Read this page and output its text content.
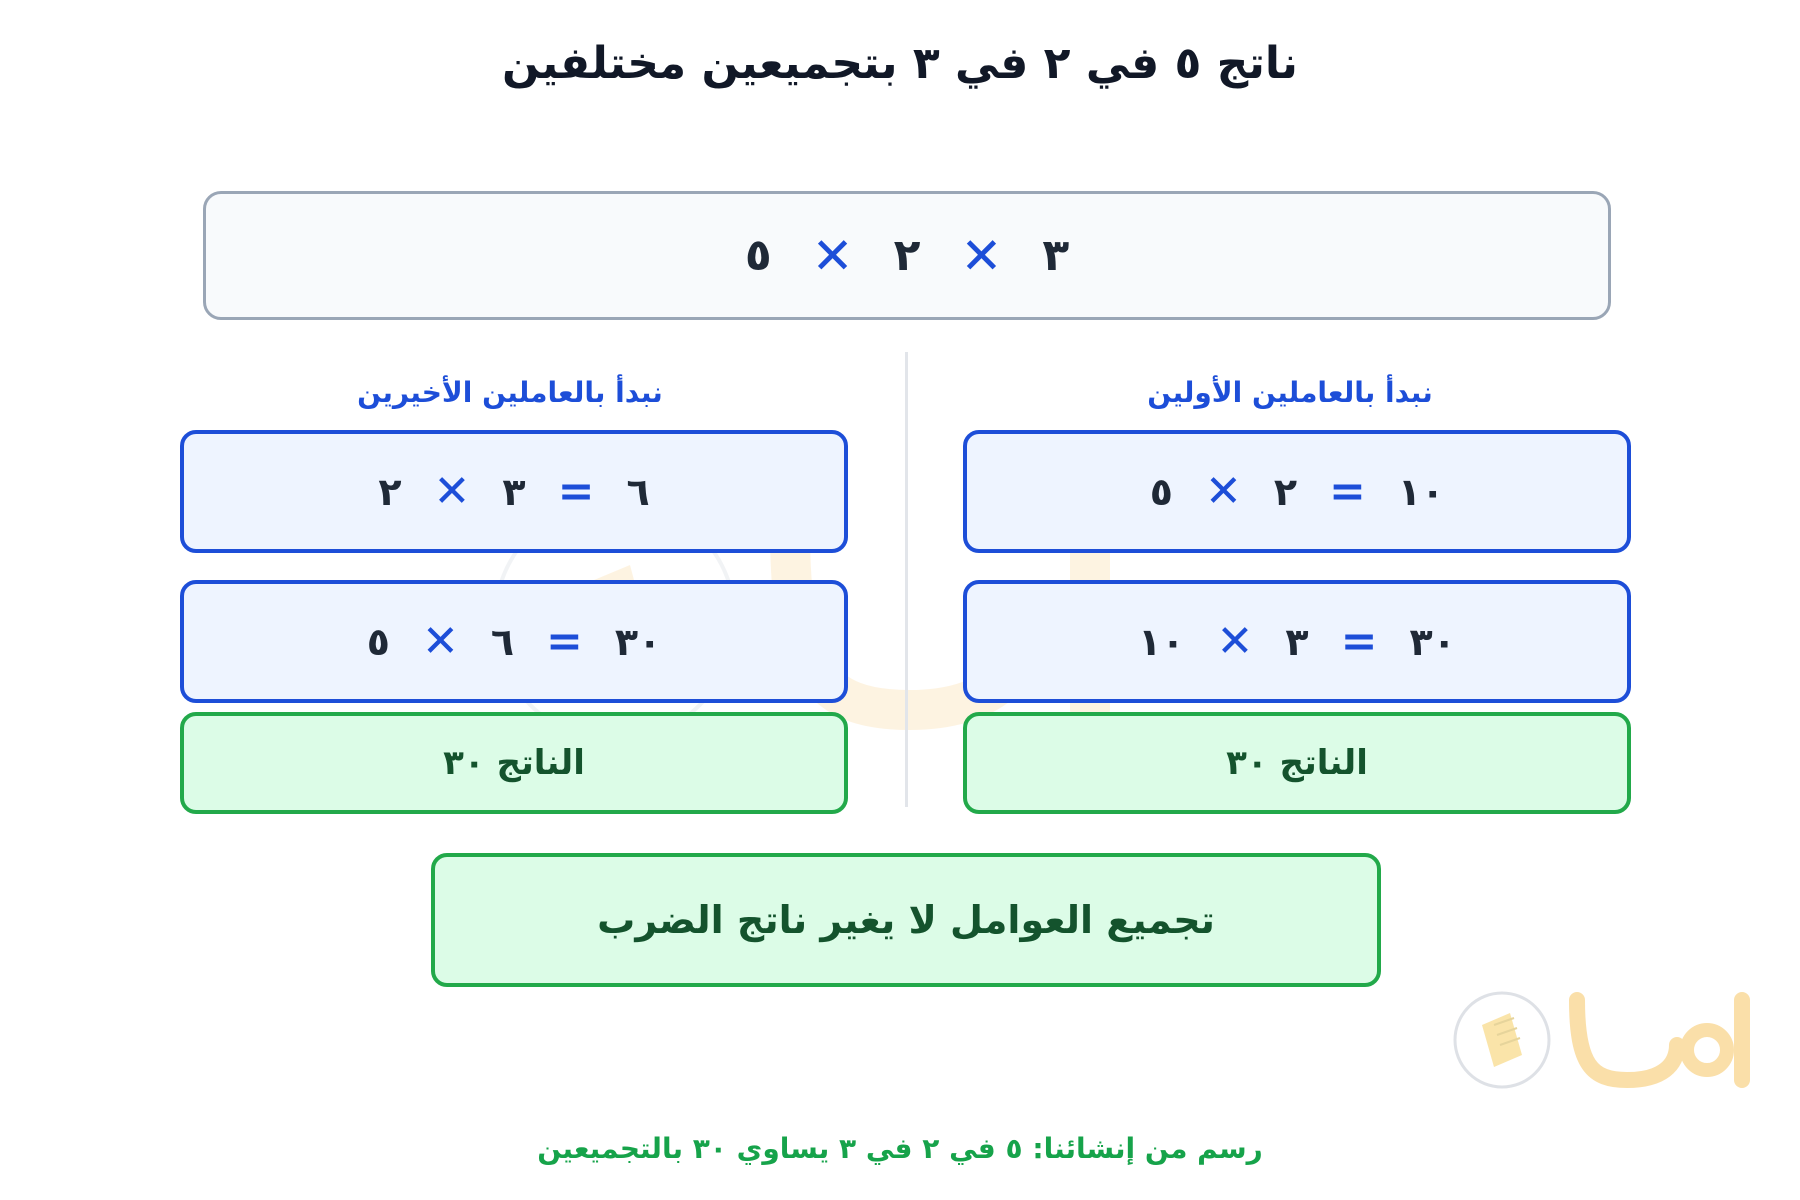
ناتج ٥ في ٢ في ٣ بتجميعين مختلفين
٥ ✕ ٢ ✕ ٣
نبدأ بالعاملين الأولين
٥ ✕ ٢ = ١٠
١٠ ✕ ٣ = ٣٠
الناتج ٣٠
نبدأ بالعاملين الأخيرين
٢ ✕ ٣ = ٦
٥ ✕ ٦ = ٣٠
الناتج ٣٠
تجميع العوامل لا يغير ناتج الضرب
رسم من إنشائنا: ٥ في ٢ في ٣ يساوي ٣٠ بالتجميعين
